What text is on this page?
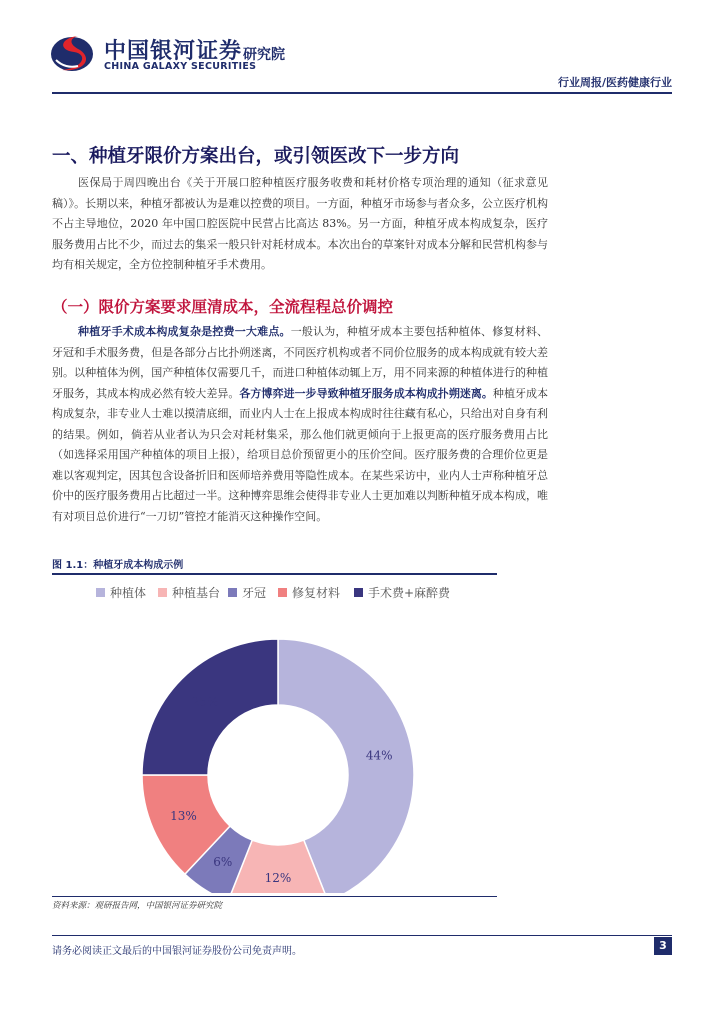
中国银河证券
CHINA GALAXY SECURITIES
研究院
行业周报/医药健康行业
一、种植牙限价方案出台，或引领医改下一步方向
医保局于周四晚出台《关于开展口腔种植医疗服务收费和耗材价格专项治理的通知（征求意见稿）》。长期以来，种植牙都被认为是难以控费的项目。一方面，种植牙市场参与者众多，公立医疗机构不占主导地位，2020 年中国口腔医院中民营占比高达 83%。另一方面，种植牙成本构成复杂，医疗服务费用占比不少，而过去的集采一般只针对耗材成本。本次出台的草案针对成本分解和民营机构参与均有相关规定，全方位控制种植牙手术费用。
（一）限价方案要求厘清成本，全流程程总价调控
种植牙手术成本构成复杂是控费一大难点。一般认为，种植牙成本主要包括种植体、修复材料、牙冠和手术服务费，但是各部分占比扑朔迷离，不同医疗机构或者不同价位服务的成本构成就有较大差别。以种植体为例，国产种植体仅需要几千，而进口种植体动辄上万，用不同来源的种植体进行的种植牙服务，其成本构成必然有较大差异。各方博弈进一步导致种植牙服务成本构成扑朔迷离。种植牙成本构成复杂，非专业人士难以摸清底细，而业内人士在上报成本构成时往往藏有私心，只给出对自身有利的结果。例如，倘若从业者认为只会对耗材集采，那么他们就更倾向于上报更高的医疗服务费用占比（如选择采用国产种植体的项目上报），给项目总价预留更小的压价空间。医疗服务费的合理价位更是难以客观判定，因其包含设备折旧和医师培养费用等隐性成本。在某些采访中，业内人士声称种植牙总价中的医疗服务费用占比超过一半。这种博弈思维会使得非专业人士更加难以判断种植牙成本构成，唯有对项目总价进行“一刀切”管控才能消灭这种操作空间。
图 1.1：种植牙成本构成示例
种植体 种植基台 牙冠 修复材料 手术费+麻醉费
44%
12%
6%
13%
25%
资料来源：观研报告网，中国银河证券研究院
请务必阅读正文最后的中国银河证券股份公司免责声明。	3
